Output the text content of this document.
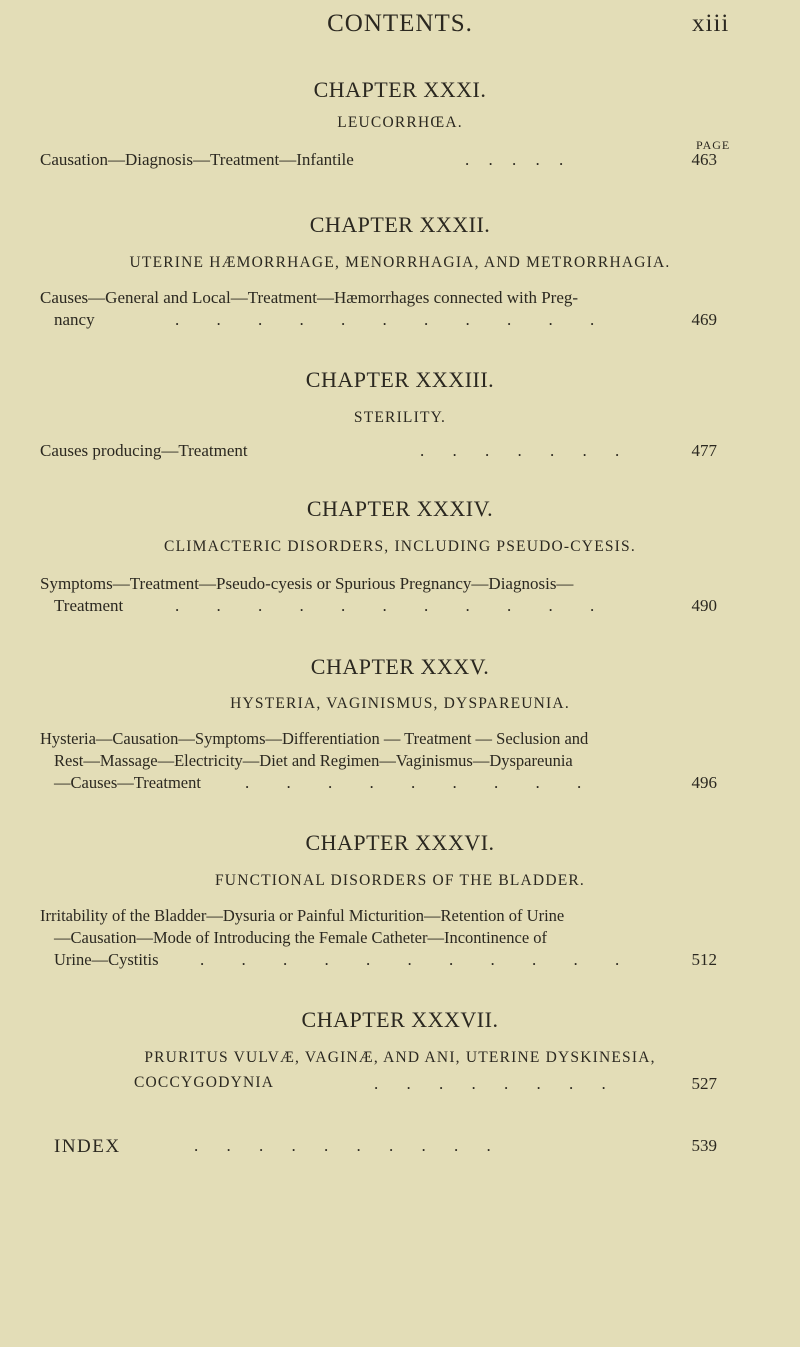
CONTENTS.	xiii
CHAPTER XXXI.
LEUCORRHŒA.
PAGE
Causation—Diagnosis—Treatment—Infantile	. . . . .	463
CHAPTER XXXII.
UTERINE HÆMORRHAGE, MENORRHAGIA, AND METRORRHAGIA.
Causes—General and Local—Treatment—Hæmorrhages connected with Preg-
nancy	. . . . . . . . . . .	469
CHAPTER XXXIII.
STERILITY.
Causes producing—Treatment	. . . . . . .	477
CHAPTER XXXIV.
CLIMACTERIC DISORDERS, INCLUDING PSEUDO-CYESIS.
Symptoms—Treatment—Pseudo-cyesis or Spurious Pregnancy—Diagnosis—
Treatment	. . . . . . . . . . .	490
CHAPTER XXXV.
HYSTERIA, VAGINISMUS, DYSPAREUNIA.
Hysteria—Causation—Symptoms—Differentiation — Treatment — Seclusion and
Rest—Massage—Electricity—Diet and Regimen—Vaginismus—Dyspareunia
—Causes—Treatment	. . . . . . . . .	496
CHAPTER XXXVI.
FUNCTIONAL DISORDERS OF THE BLADDER.
Irritability of the Bladder—Dysuria or Painful Micturition—Retention of Urine
—Causation—Mode of Introducing the Female Catheter—Incontinence of
Urine—Cystitis . . . . . . . . . . .	512
CHAPTER XXXVII.
PRURITUS VULVÆ, VAGINÆ, AND ANI, UTERINE DYSKINESIA,
COCCYGODYNIA	. . . . . . . .	527
INDEX	. . . . . . . . . .	539
